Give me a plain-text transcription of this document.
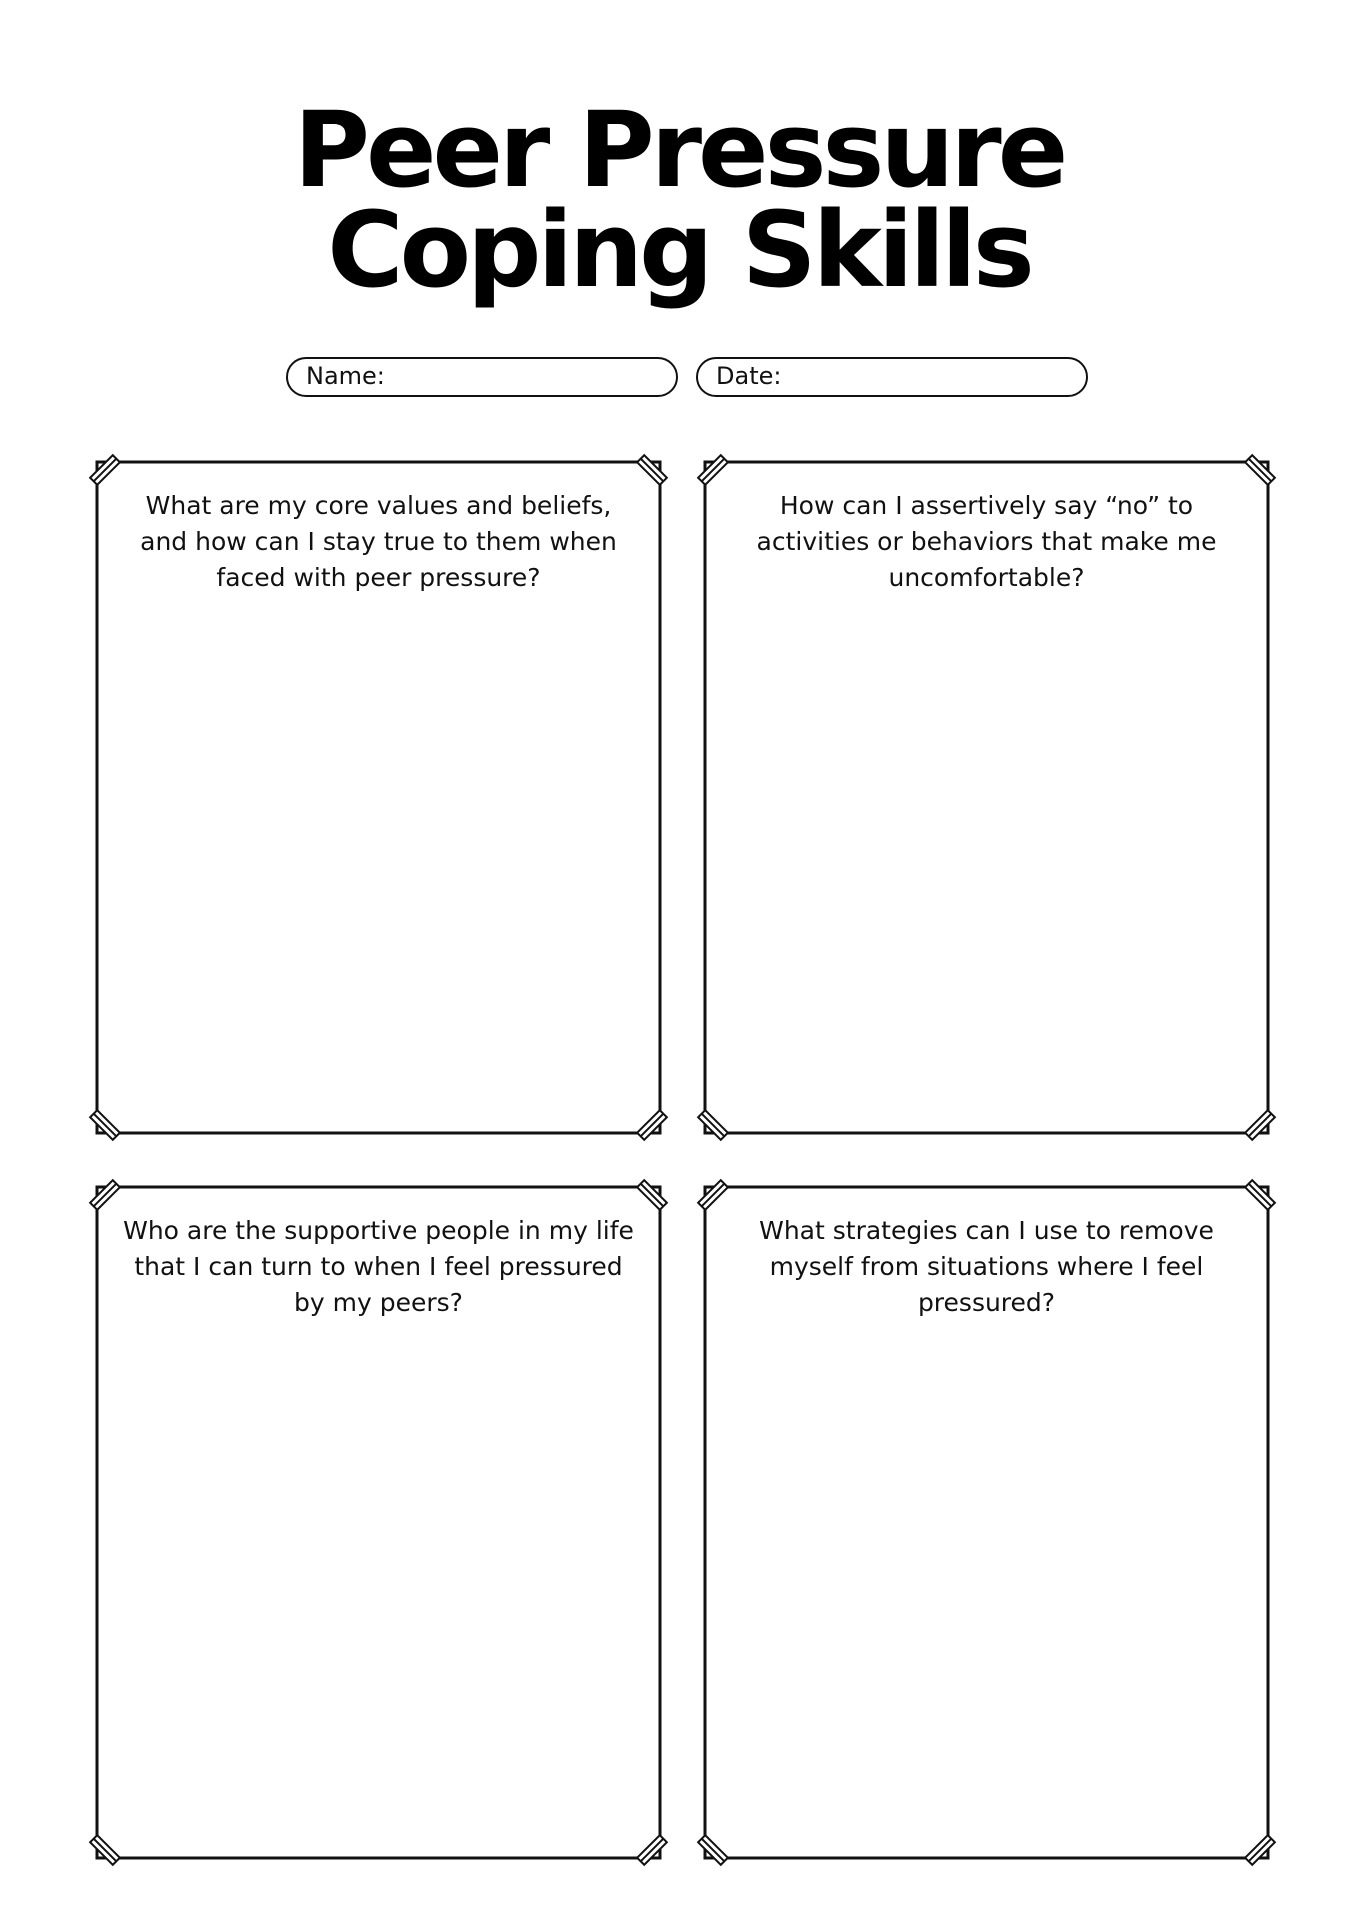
Peer Pressure
Coping Skills
Name:	Date:
What are my core values and beliefs, and how can I stay true to them when faced with peer pressure?
How can I assertively say “no” to activities or behaviors that make me uncomfortable?
Who are the supportive people in my life that I can turn to when I feel pressured by my peers?
What strategies can I use to remove myself from situations where I feel pressured?
